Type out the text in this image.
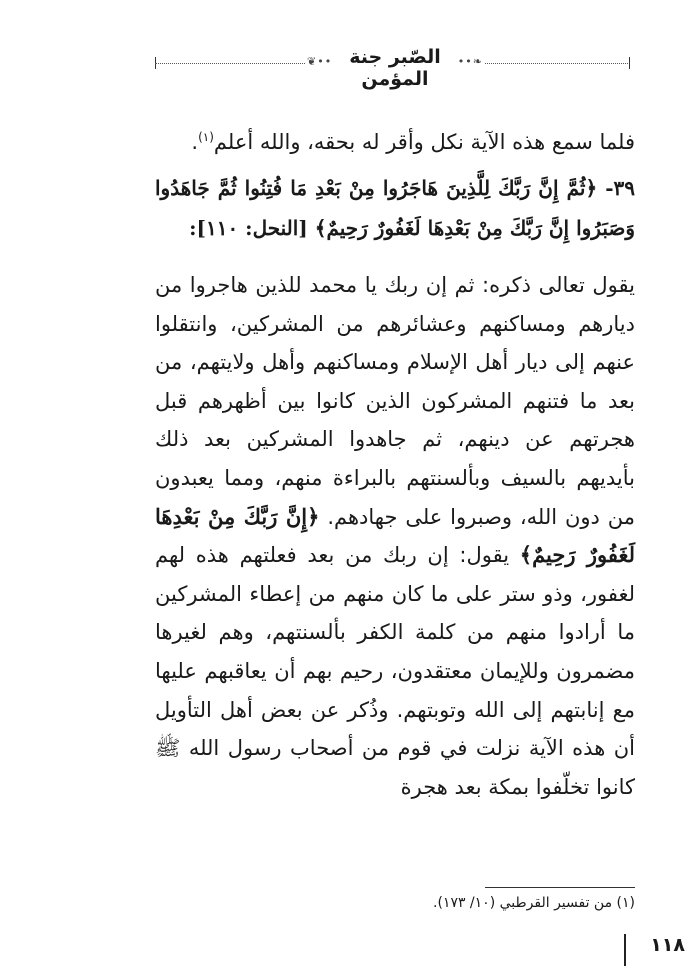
❦•• الصّبر جنة المؤمن
••❧

فلما سمع هذه الآية نكل وأقر له بحقه، والله أعلم$^{(١)}$.

٣٩- ﴿ثُمَّ إِنَّ رَبَّكَ لِلَّذِينَ هَاجَرُوا مِنْ بَعْدِ مَا فُتِنُوا ثُمَّ جَاهَدُوا وَصَبَرُوا إِنَّ رَبَّكَ مِنْ بَعْدِهَا لَغَفُورٌ رَحِيمٌ﴾ [النحل: ١١٠]:

يقول تعالى ذكره: ثم إن ربك يا محمد للذين هاجروا من ديارهم ومساكنهم وعشائرهم من المشركين، وانتقلوا عنهم إلى ديار أهل الإسلام ومساكنهم وأهل ولايتهم، من بعد ما فتنهم المشركون الذين كانوا بين أظهرهم قبل هجرتهم عن دينهم، ثم جاهدوا المشركين بعد ذلك بأيديهم بالسيف وبألسنتهم بالبراءة منهم، ومما يعبدون من دون الله، وصبروا على جهادهم. ﴿إِنَّ رَبَّكَ مِنْ بَعْدِهَا لَغَفُورٌ رَحِيمٌ﴾ يقول: إن ربك من بعد فعلتهم هذه لهم لغفور، وذو ستر على ما كان منهم من إعطاء المشركين ما أرادوا منهم من كلمة الكفر بألسنتهم، وهم لغيرها مضمرون وللإيمان معتقدون، رحيم بهم أن يعاقبهم عليها مع إنابتهم إلى الله وتوبتهم. وذُكر عن بعض أهل التأويل أن هذه الآية نزلت في قوم من أصحاب رسول الله ﷺ كانوا تخلّفوا بمكة بعد هجرة

(١) من تفسير القرطبي (١٠/ ١٧٣).
١١٨
